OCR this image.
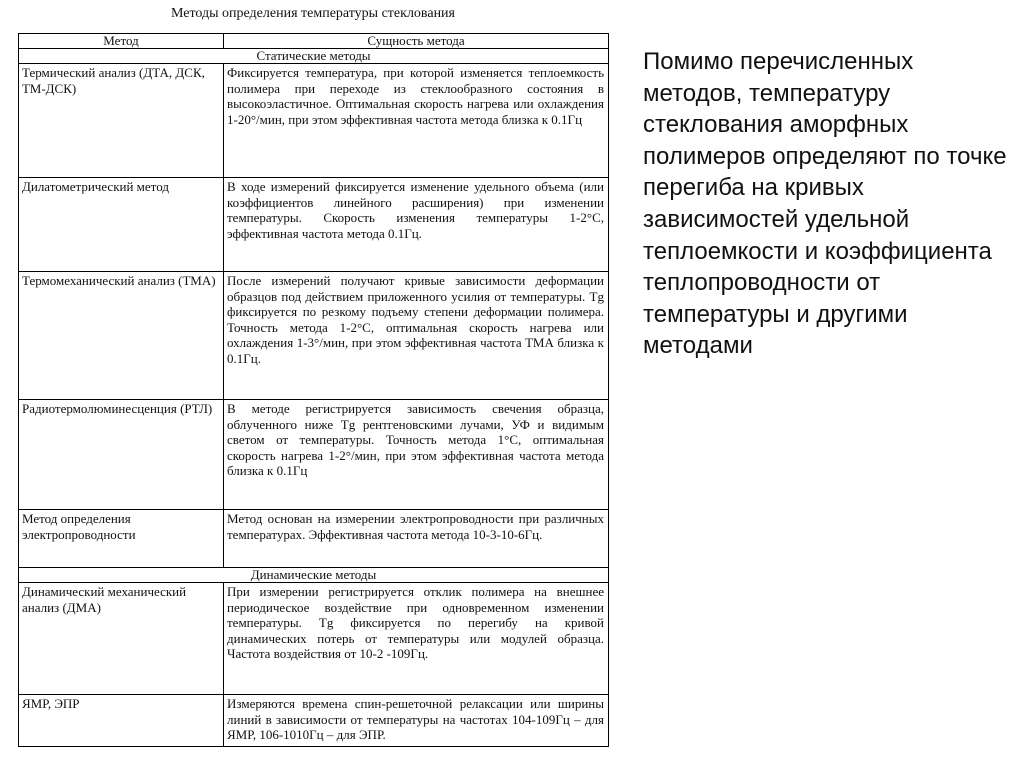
Методы определения температуры стеклования
Метод	Сущность метода
Статические методы	
Термический анализ (ДТА, ДСК, ТМ-ДСК)	Фиксируется температура, при которой изменяется теплоемкость полимера при переходе из стеклообразного состояния в высокоэластичное. Оптимальная скорость нагрева или охлаждения 1-20°/мин, при этом эффективная частота метода близка к 0.1Гц
Дилатометрический метод	В ходе измерений фиксируется изменение удельного объема (или коэффициентов линейного расширения) при изменении температуры. Скорость изменения температуры 1-2°С, эффективная частота метода 0.1Гц.
Термомеханический анализ (ТМА)	После измерений получают кривые зависимости деформации образцов под действием приложенного усилия от температуры. Tg фиксируется по резкому подъему степени деформации полимера. Точность метода 1-2°С, оптимальная скорость нагрева или охлаждения 1-3°/мин, при этом эффективная частота ТМА близка к 0.1Гц.
Радиотермолюминесценция (РТЛ)	В методе регистрируется зависимость свечения образца, облученного ниже Tg рентгеновскими лучами, УФ и видимым светом от температуры. Точность метода 1°С, оптимальная скорость нагрева 1-2°/мин, при этом эффективная частота метода близка к 0.1Гц
Метод определения электропроводности	Метод основан на измерении электропроводности при различных температурах. Эффективная частота метода 10-3-10-6Гц.
Динамические методы	
Динамический механический анализ (ДМА)	При измерении регистрируется отклик полимера на внешнее периодическое воздействие при одновременном изменении температуры. Tg фиксируется по перегибу на кривой динамических потерь от температуры или модулей образца. Частота воздействия от 10-2 -109Гц.
ЯМР, ЭПР	Измеряются времена спин-решеточной релаксации или ширины линий в зависимости от температуры на частотах 104-109Гц – для ЯМР, 106-1010Гц – для ЭПР.
Помимо перечисленных методов, температуру стеклования аморфных полимеров определяют по точке перегиба на кривых зависимостей удельной теплоемкости и коэффициента теплопроводности от температуры и другими методами
